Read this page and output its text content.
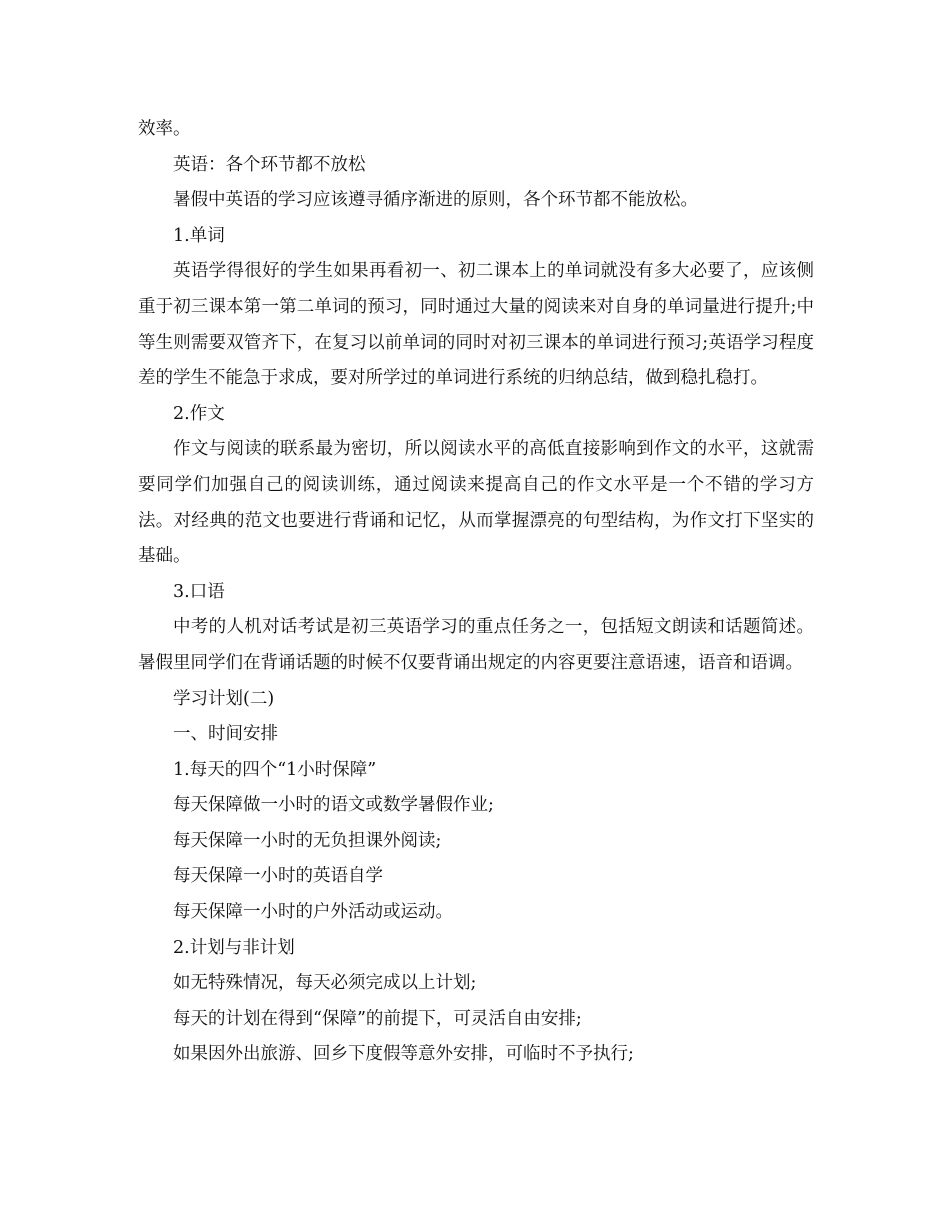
效率。

英语：各个环节都不放松

暑假中英语的学习应该遵寻循序渐进的原则，各个环节都不能放松。

1.单词

英语学得很好的学生如果再看初一、初二课本上的单词就没有多大必要了，应该侧重于初三课本第一第二单词的预习，同时通过大量的阅读来对自身的单词量进行提升;中等生则需要双管齐下，在复习以前单词的同时对初三课本的单词进行预习;英语学习程度差的学生不能急于求成，要对所学过的单词进行系统的归纳总结，做到稳扎稳打。

2.作文

作文与阅读的联系最为密切，所以阅读水平的高低直接影响到作文的水平，这就需要同学们加强自己的阅读训练，通过阅读来提高自己的作文水平是一个不错的学习方法。对经典的范文也要进行背诵和记忆，从而掌握漂亮的句型结构，为作文打下坚实的基础。

3.口语

中考的人机对话考试是初三英语学习的重点任务之一，包括短文朗读和话题简述。暑假里同学们在背诵话题的时候不仅要背诵出规定的内容更要注意语速，语音和语调。

学习计划(二)

一、时间安排

1.每天的四个“1小时保障”

每天保障做一小时的语文或数学暑假作业;

每天保障一小时的无负担课外阅读;

每天保障一小时的英语自学

每天保障一小时的户外活动或运动。

2.计划与非计划

如无特殊情况，每天必须完成以上计划;

每天的计划在得到“保障”的前提下，可灵活自由安排;

如果因外出旅游、回乡下度假等意外安排，可临时不予执行;
